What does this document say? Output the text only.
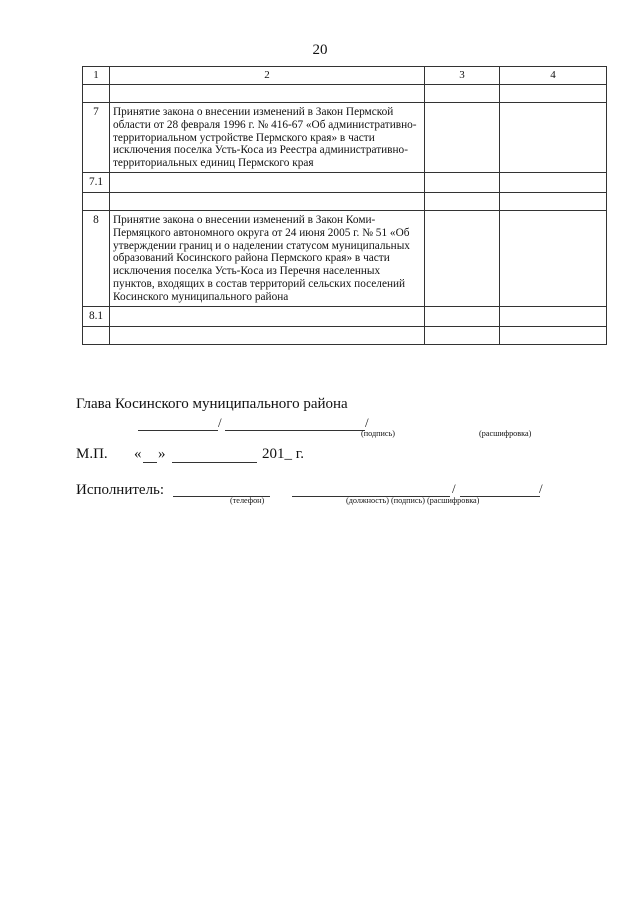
20
1	2	3	4

7	Принятие закона о внесении изменений в Закон Пермской области от 28 февраля 1996 г. № 416-67 «Об административно-территориальном устройстве Пермского края» в части исключения поселка Усть-Коса из Реестра административно-территориальных единиц Пермского края		
7.1			

8	Принятие закона о внесении изменений в Закон Коми-Пермяцкого автономного округа от 24 июня 2005 г. № 51 «Об утверждении границ и о наделении статусом муниципальных образований Косинского района Пермского края» в части исключения поселка Усть-Коса из Перечня населенных пунктов, входящих в состав территорий сельских поселений Косинского муниципального района		
8.1			

Глава Косинского муниципального района
/	/
(подпись)	(расшифровка)
М.П. « »	201_ г.
Исполнитель:
(телефон)
/	/
(должность) (подпись) (расшифровка)
